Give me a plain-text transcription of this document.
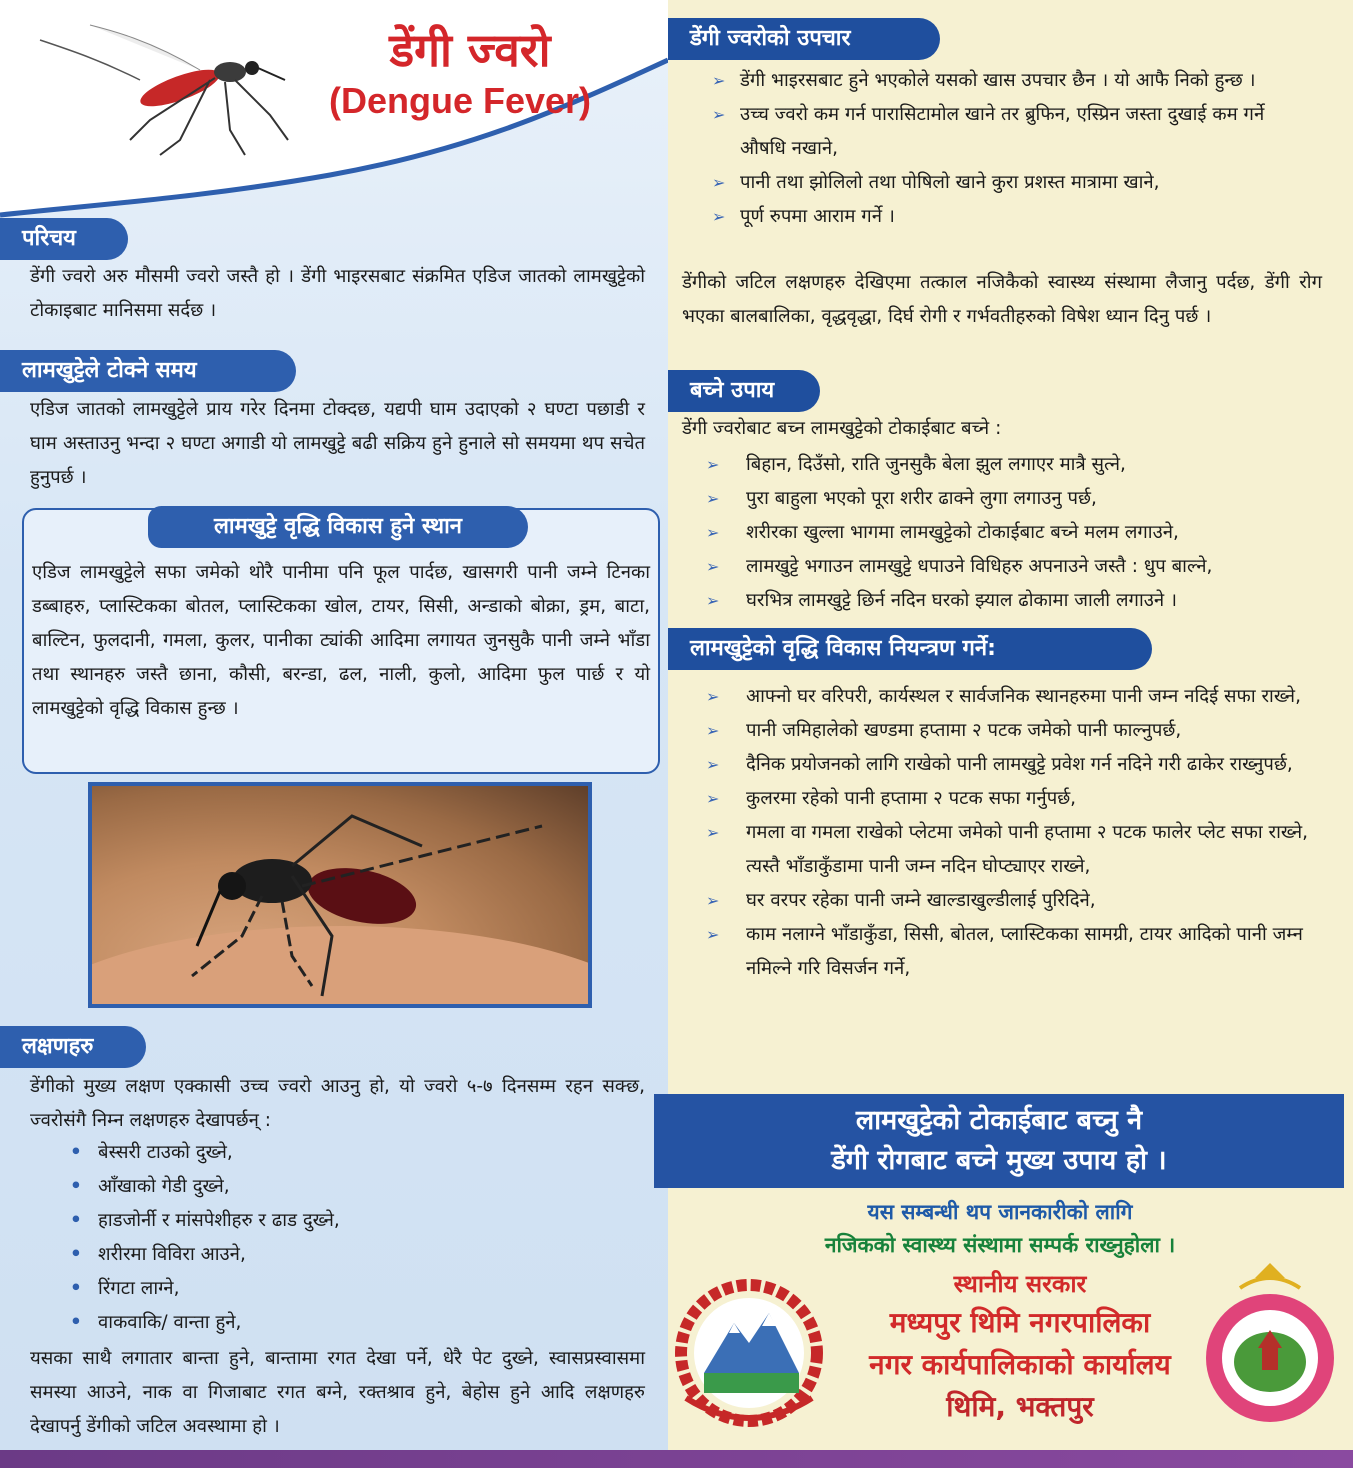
डेंगी ज्वरो
(Dengue Fever)
परिचय

डेंगी ज्वरो अरु मौसमी ज्वरो जस्तै हो । डेंगी भाइरसबाट संक्रमित एडिज जातको लामखुट्टेको टोकाइबाट मानिसमा सर्दछ ।

लामखुट्टेले टोक्ने समय

एडिज जातको लामखुट्टेले प्राय गरेर दिनमा टोक्दछ, यद्यपी घाम उदाएको २ घण्टा पछाडी र घाम अस्ताउनु भन्दा २ घण्टा अगाडी यो लामखुट्टे बढी सक्रिय हुने हुनाले सो समयमा थप सचेत हुनुपर्छ ।

लामखुट्टे वृद्धि विकास हुने स्थान

एडिज लामखुट्टेले सफा जमेको थोरै पानीमा पनि फूल पार्दछ, खासगरी पानी जम्ने टिनका डब्बाहरु, प्लास्टिकका बोतल, प्लास्टिकका खोल, टायर, सिसी, अन्डाको बोक्रा, ड्रम, बाटा, बाल्टिन, फुलदानी, गमला, कुलर, पानीका ट्यांकी आदिमा लगायत जुनसुकै पानी जम्ने भाँडा तथा स्थानहरु जस्तै छाना, कौसी, बरन्डा, ढल, नाली, कुलो, आदिमा फुल पार्छ र यो लामखुट्टेको वृद्धि विकास हुन्छ ।

लक्षणहरु

डेंगीको मुख्य लक्षण एक्कासी उच्च ज्वरो आउनु हो, यो ज्वरो ५-७ दिनसम्म रहन सक्छ, ज्वरोसंगै निम्न लक्षणहरु देखापर्छन् :

• बेस्सरी टाउको दुख्ने,
• आँखाको गेडी दुख्ने,
• हाडजोर्नी र मांसपेशीहरु र ढाड दुख्ने,
• शरीरमा विविरा आउने,
• रिंगटा लाग्ने,
• वाकवाकि/ वान्ता हुने,

यसका साथै लगातार बान्ता हुने, बान्तामा रगत देखा पर्ने, धेरै पेट दुख्ने, स्वासप्रस्वासमा समस्या आउने, नाक वा गिजाबाट रगत बग्ने, रक्तश्राव हुने, बेहोस हुने आदि लक्षणहरु देखापर्नु डेंगीको जटिल अवस्थामा हो ।

डेंगी ज्वरोको उपचार
➢ डेंगी भाइरसबाट हुने भएकोले यसको खास उपचार छैन । यो आफै निको हुन्छ ।
➢ उच्च ज्वरो कम गर्न पारासिटामोल खाने तर ब्रुफिन, एस्प्रिन जस्ता दुखाई कम गर्ने औषधि नखाने,
➢ पानी तथा झोलिलो तथा पोषिलो खाने कुरा प्रशस्त मात्रामा खाने,
➢ पूर्ण रुपमा आराम गर्ने ।

डेंगीको जटिल लक्षणहरु देखिएमा तत्काल नजिकैको स्वास्थ्य संस्थामा लैजानु पर्दछ, डेंगी रोग भएका बालबालिका, वृद्धवृद्धा, दिर्घ रोगी र गर्भवतीहरुको विषेश ध्यान दिनु पर्छ ।

बच्ने उपाय

डेंगी ज्वरोबाट बच्न लामखुट्टेको टोकाईबाट बच्ने :

➢ बिहान, दिउँसो, राति जुनसुकै बेला झुल लगाएर मात्रै सुत्ने,
➢ पुरा बाहुला भएको पूरा शरीर ढाक्ने लुगा लगाउनु पर्छ,
➢ शरीरका खुल्ला भागमा लामखुट्टेको टोकाईबाट बच्ने मलम लगाउने,
➢ लामखुट्टे भगाउन लामखुट्टे धपाउने विधिहरु अपनाउने जस्तै : धुप बाल्ने,
➢ घरभित्र लामखुट्टे छिर्न नदिन घरको झ्याल ढोकामा जाली लगाउने ।
लामखुट्टेको वृद्धि विकास नियन्त्रण गर्ने:
➢	आफ्नो घर वरिपरी, कार्यस्थल र सार्वजनिक स्थानहरुमा पानी जम्न नदिई सफा राख्ने,
➢	पानी जमिहालेको खण्डमा हप्तामा २ पटक जमेको पानी फाल्नुपर्छ,
➢	दैनिक प्रयोजनको लागि राखेको पानी लामखुट्टे प्रवेश गर्न नदिने गरी ढाकेर राख्नुपर्छ,
➢	कुलरमा रहेको पानी हप्तामा २ पटक सफा गर्नुपर्छ,
➢	गमला वा गमला राखेको प्लेटमा जमेको पानी हप्तामा २ पटक फालेर प्लेट सफा राख्ने, त्यस्तै भाँडाकुँडामा पानी जम्न नदिन घोप्ट्याएर राख्ने,
➢	घर वरपर रहेका पानी जम्ने खाल्डाखुल्डीलाई पुरिदिने,
➢	काम नलाग्ने भाँडाकुँडा, सिसी, बोतल, प्लास्टिकका सामग्री, टायर आदिको पानी जम्न नमिल्ने गरि विसर्जन गर्ने,
लामखुट्टेको टोकाईबाट बच्नु नै
डेंगी रोगबाट बच्ने मुख्य उपाय हो ।
यस सम्बन्धी थप जानकारीको लागि
नजिकको स्वास्थ्य संस्थामा सम्पर्क राख्नुहोला ।
स्थानीय सरकार
मध्यपुर थिमि नगरपालिका
नगर कार्यपालिकाको कार्यालय
थिमि, भक्तपुर
